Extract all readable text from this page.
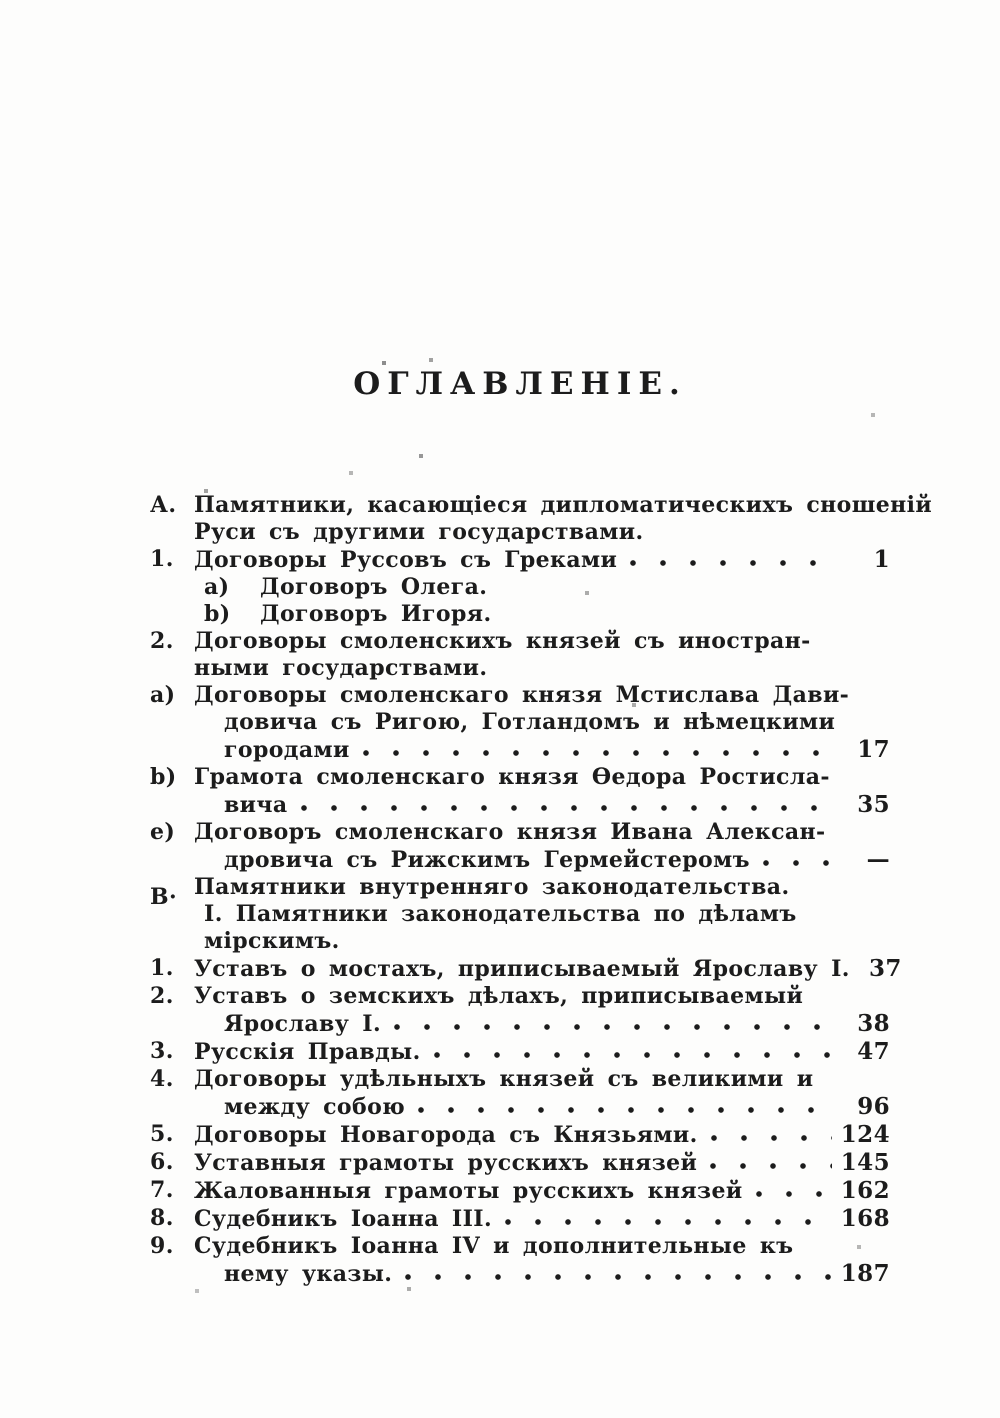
ОГЛАВЛЕНІЕ.
А. Памятники, касающіеся дипломатическихъ сношеній
Руси съ другими государствами.
1. Договоры Руссовъ съ Греками	1
а)	Договоръ Олега.
b)	Договоръ Игоря.
2. Договоры смоленскихъ князей съ иностран-
ными государствами.
а) Договоры смоленскаго князя Мстислава Дави-
довича съ Ригою, Готландомъ и нѣмецкими
городами	17
b) Грамота смоленскаго князя Ѳедора Ростисла-
вича	35
е) Договоръ смоленскаго князя Ивана Алексан-
дровича съ Рижскимъ Гермейстеромъ	—
В· Памятники внутренняго законодательства.
І. Памятники законодательства по дѣламъ
мірскимъ.
1. Уставъ о мостахъ, приписываемый Ярославу I. 37
2. Уставъ о земскихъ дѣлахъ, приписываемый
Ярославу I.	38
3. Русскія Правды.	47
4. Договоры удѣльныхъ князей съ великими и
между собою	96
5. Договоры Новагорода съ Князьями.	124
6. Уставныя грамоты русскихъ князей	145
7. Жалованныя грамоты русскихъ князей	162
8. Судебникъ Іоанна III.	168
9. Судебникъ Іоанна IV и дополнительные къ
нему указы.	187
